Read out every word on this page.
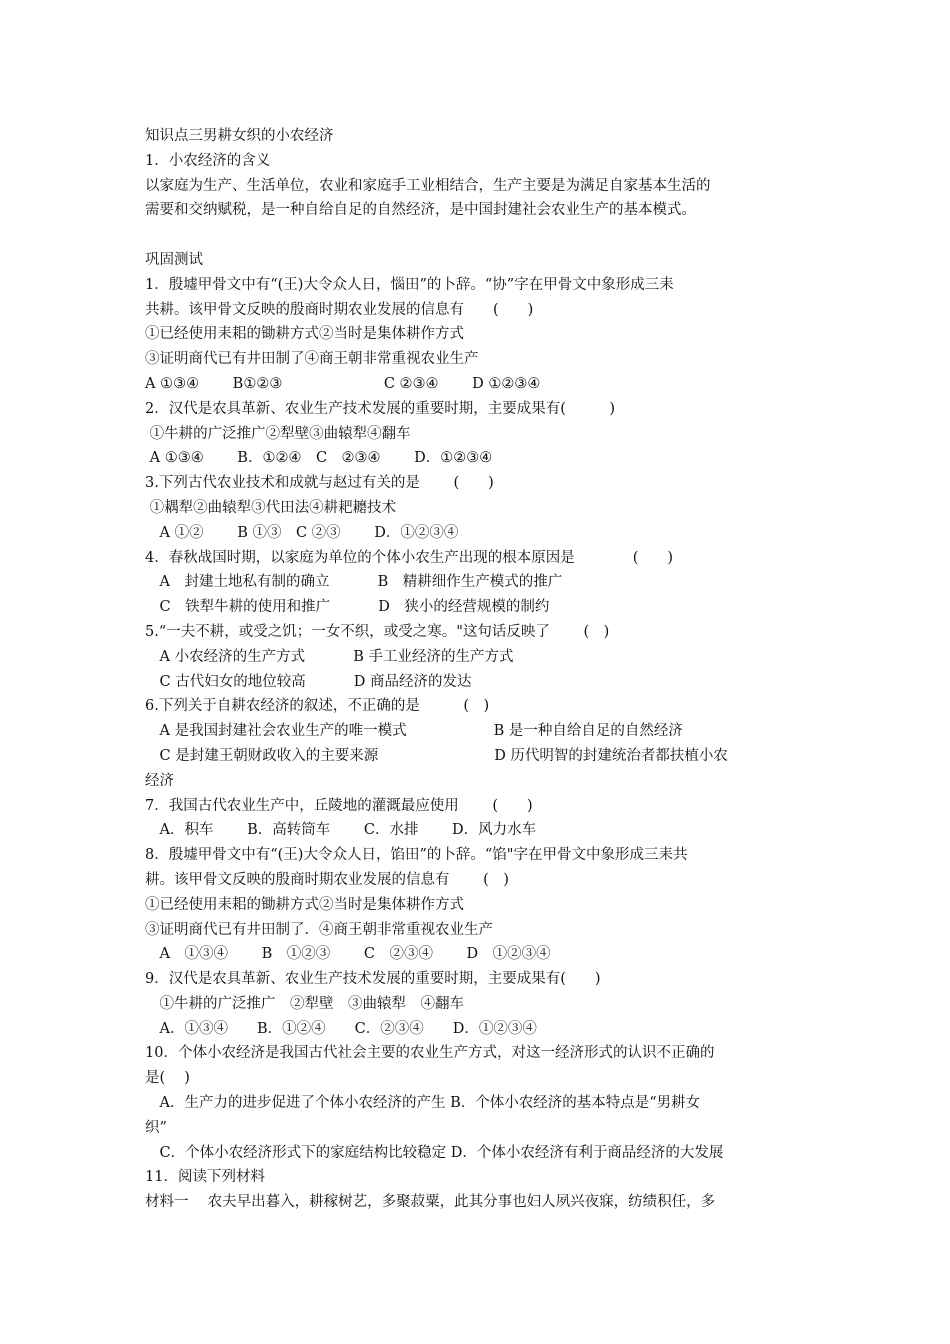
知识点三男耕女织的小农经济
1．小农经济的含义
以家庭为生产、生活单位，农业和家庭手工业相结合，生产主要是为满足自家基本生活的
需要和交纳赋税，是一种自给自足的自然经济，是中国封建社会农业生产的基本模式。
巩固测试
1．殷墟甲骨文中有“(王)大令众人日，惱田”的卜辞。“协”字在甲骨文中象形成三耒
共耕。该甲骨文反映的殷商时期农业发展的信息有　　(　　)
①已经使用耒耜的锄耕方式②当时是集体耕作方式
③证明商代已有井田制了④商王朝非常重视农业生产
A ①③④　　 B①②③　　　　　　　C ②③④　　 D ①②③④
2．汉代是农具革新、农业生产技术发展的重要时期，主要成果有(　　　)
①牛耕的广泛推广②犁壁③曲辕犁④翻车
A ①③④　　 B．①②④　C　②③④　　 D．①②③④
3.下列古代农业技术和成就与赵过有关的是　　 (　　)
①耦犁②曲辕犁③代田法④耕耙耱技术
　A ①②　　 B ①③　C ②③　　 D．①②③④
4．春秋战国时期，以家庭为单位的个体小农生产出现的根本原因是　　　　(　　)
　A　封建土地私有制的确立　　　 B　精耕细作生产模式的推广
　C　铁犁牛耕的使用和推广　　　 D　狭小的经营规模的制约
5.“一夫不耕，或受之饥；一女不织，或受之寒。"这句话反映了　　 (　)
　A 小农经济的生产方式　　　 B 手工业经济的生产方式
　C 古代妇女的地位较高　　　 D 商品经济的发达
6.下列关于自耕农经济的叙述，不正确的是　　　(　)
　A 是我国封建社会农业生产的唯一模式　　　　　　B 是一种自给自足的自然经济
　C 是封建王朝财政收入的主要来源　　　　　　　　D 历代明智的封建统治者都扶植小农
经济
7．我国古代农业生产中，丘陵地的灌溉最应使用　　 (　　)
　A．积车　　 B．高转筒车　　 C．水排　　 D．风力水车
8．殷墟甲骨文中有“(王)大令众人日，馅田”的卜辞。“馅"字在甲骨文中象形成三耒共
耕。该甲骨文反映的殷商时期农业发展的信息有　　 (　)
①已经使用耒耜的锄耕方式②当时是集体耕作方式
③证明商代已有井田制了．④商王朝非常重视农业生产
　A　①③④　　 B　①②③　　 C　②③④　　 D　①②③④
9．汉代是农具革新、农业生产技术发展的重要时期，主要成果有(　　)
　①牛耕的广泛推广　②犁壁　③曲辕犁　④翻车
　A．①③④　　B．①②④　　C．②③④　　D．①②③④
10．个体小农经济是我国古代社会主要的农业生产方式，对这一经济形式的认识不正确的
是(　 )
　A．生产力的进步促进了个体小农经济的产生 B．个体小农经济的基本特点是“男耕女
织”
　C．个体小农经济形式下的家庭结构比较稳定 D．个体小农经济有利于商品经济的大发展
11．阅读下列材料
材料一　 农夫早出暮入，耕稼树艺，多聚菽粟，此其分事也妇人夙兴夜寐，纺绩积任，多
